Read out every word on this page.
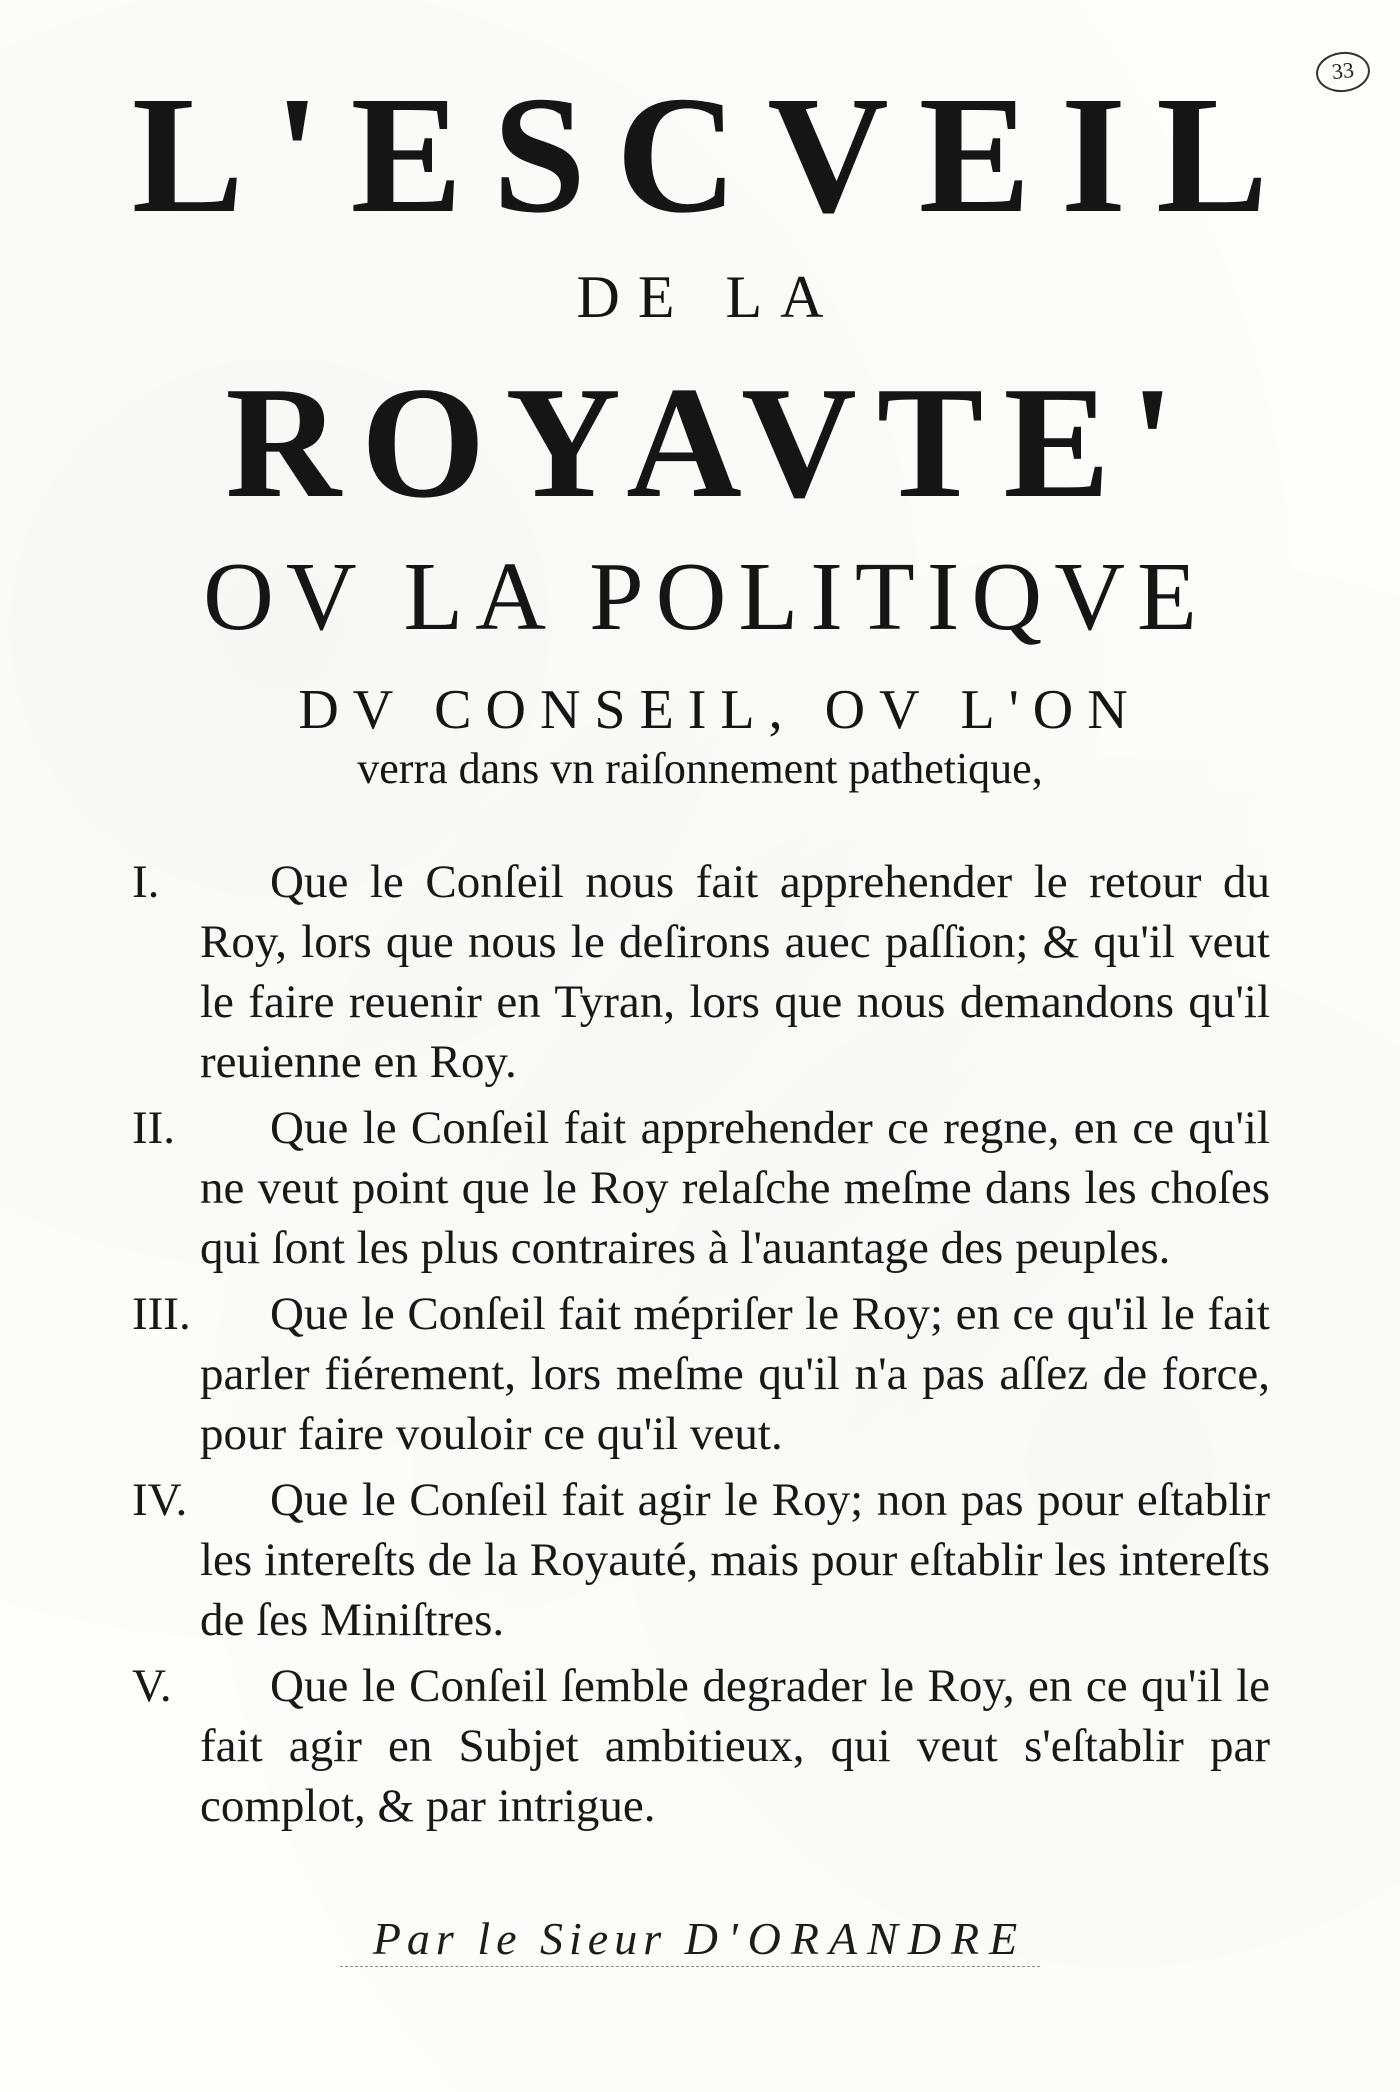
33
L'ESCVEIL
DE LA
ROYAVTE'
OV LA POLITIQVE
DV CONSEIL, OV L'ON
verra dans vn raiſonnement pathetique,
I.	Que le Conſeil nous fait apprehender le retour du Roy, lors que nous le deſirons auec paſſion; & qu'il veut le faire reuenir en Tyran, lors que nous demandons qu'il reuienne en Roy.
II.	Que le Conſeil fait apprehender ce regne, en ce qu'il ne veut point que le Roy relaſche meſme dans les choſes qui ſont les plus contraires à l'auantage des peuples.
III.	Que le Conſeil fait mépriſer le Roy; en ce qu'il le fait parler fiérement, lors meſme qu'il n'a pas aſſez de force, pour faire vouloir ce qu'il veut.
IV.	Que le Conſeil fait agir le Roy; non pas pour eſtablir les intereſts de la Royauté, mais pour eſtablir les intereſts de ſes Miniſtres.
V.	Que le Conſeil ſemble degrader le Roy, en ce qu'il le fait agir en Subjet ambitieux, qui veut s'eſtablir par complot, & par intrigue.
Par le Sieur D'ORANDRE
